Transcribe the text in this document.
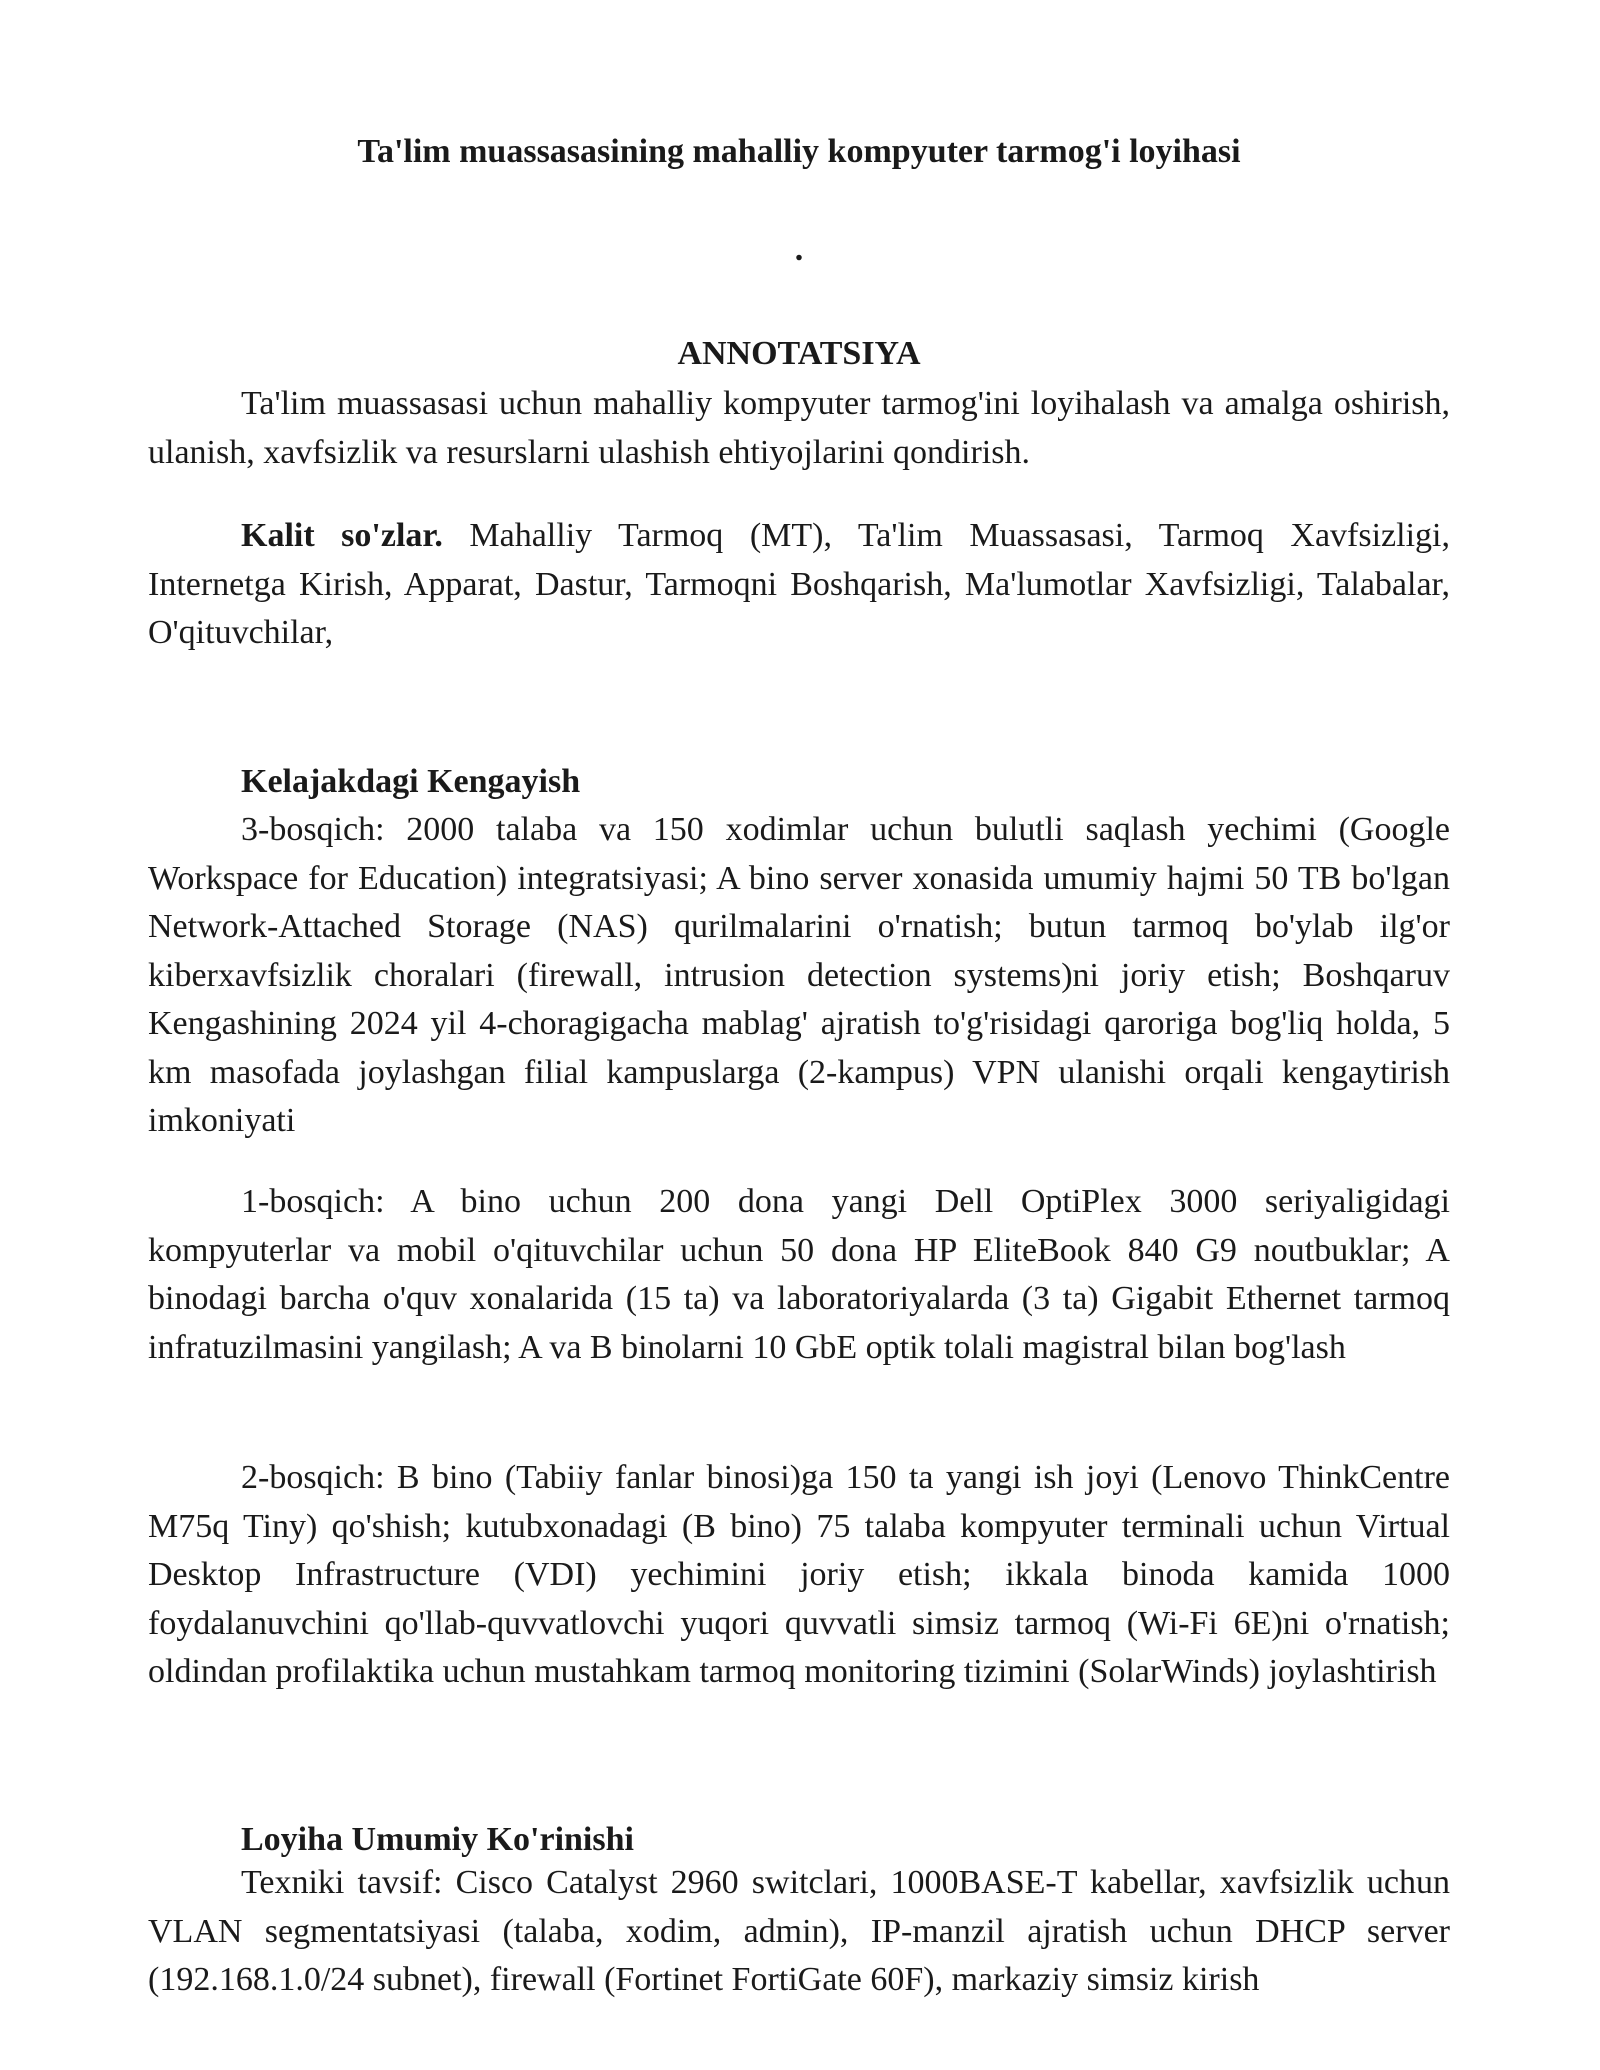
Ta'lim muassasasining mahalliy kompyuter tarmog'i loyihasi
.
ANNOTATSIYA

Ta'lim muassasasi uchun mahalliy kompyuter tarmog'ini loyihalash va amalga oshirish, ulanish, xavfsizlik va resurslarni ulashish ehtiyojlarini qondirish.

Kalit so'zlar. Mahalliy Tarmoq (MT), Ta'lim Muassasasi, Tarmoq Xavfsizligi, Internetga Kirish, Apparat, Dastur, Tarmoqni Boshqarish, Ma'lumotlar Xavfsizligi, Talabalar, O'qituvchilar,

Kelajakdagi Kengayish

3-bosqich: 2000 talaba va 150 xodimlar uchun bulutli saqlash yechimi (Google Workspace for Education) integratsiyasi; A bino server xonasida umumiy hajmi 50 TB bo'lgan Network-Attached Storage (NAS) qurilmalarini o'rnatish; butun tarmoq bo'ylab ilg'or kiberxavfsizlik choralari (firewall, intrusion detection systems)ni joriy etish; Boshqaruv Kengashining 2024 yil 4-choragigacha mablag' ajratish to'g'risidagi qaroriga bog'liq holda, 5 km masofada joylashgan filial kampuslarga (2-kampus) VPN ulanishi orqali kengaytirish imkoniyati

1-bosqich: A bino uchun 200 dona yangi Dell OptiPlex 3000 seriyaligidagi kompyuterlar va mobil o'qituvchilar uchun 50 dona HP EliteBook 840 G9 noutbuklar; A binodagi barcha o'quv xonalarida (15 ta) va laboratoriyalarda (3 ta) Gigabit Ethernet tarmoq infratuzilmasini yangilash; A va B binolarni 10 GbE optik tolali magistral bilan bog'lash

2-bosqich: B bino (Tabiiy fanlar binosi)ga 150 ta yangi ish joyi (Lenovo ThinkCentre M75q Tiny) qo'shish; kutubxonadagi (B bino) 75 talaba kompyuter terminali uchun Virtual Desktop Infrastructure (VDI) yechimini joriy etish; ikkala binoda kamida 1000 foydalanuvchini qo'llab-quvvatlovchi yuqori quvvatli simsiz tarmoq (Wi-Fi 6E)ni o'rnatish; oldindan profilaktika uchun mustahkam tarmoq monitoring tizimini (SolarWinds) joylashtirish

Loyiha Umumiy Ko'rinishi

Texniki tavsif: Cisco Catalyst 2960 switclari, 1000BASE-T kabellar, xavfsizlik uchun VLAN segmentatsiyasi (talaba, xodim, admin), IP-manzil ajratish uchun DHCP server (192.168.1.0/24 subnet), firewall (Fortinet FortiGate 60F), markaziy simsiz kirish
